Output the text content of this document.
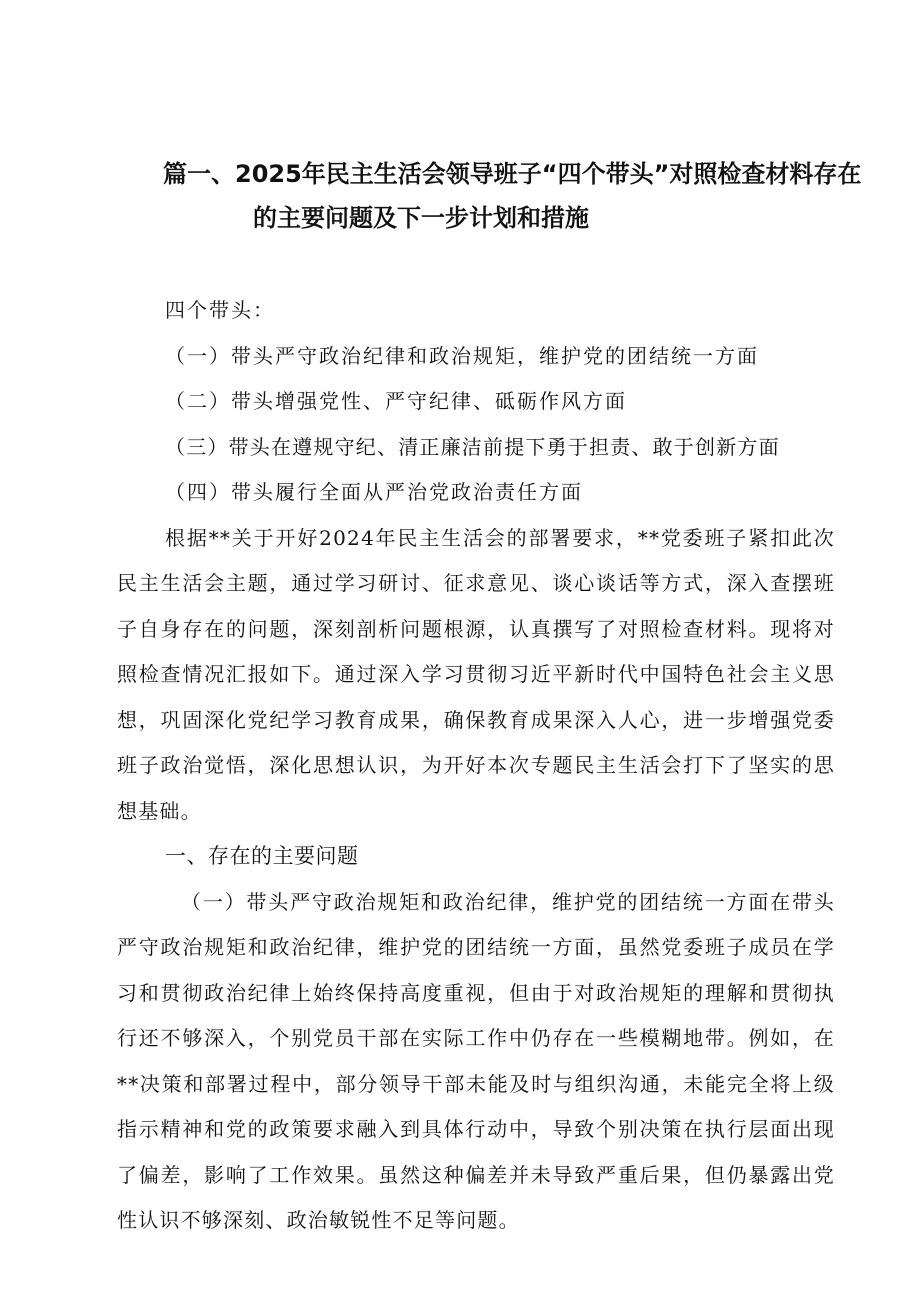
篇一、2025年民主生活会领导班子“四个带头”对照检查材料存在
的主要问题及下一步计划和措施

四个带头：

（一）带头严守政治纪律和政治规矩，维护党的团结统一方面

（二）带头增强党性、严守纪律、砥砺作风方面

（三）带头在遵规守纪、清正廉洁前提下勇于担责、敢于创新方面

（四）带头履行全面从严治党政治责任方面

根据**关于开好2024年民主生活会的部署要求，**党委班子紧扣此次民主生活会主题，通过学习研讨、征求意见、谈心谈话等方式，深入查摆班子自身存在的问题，深刻剖析问题根源，认真撰写了对照检查材料。现将对照检查情况汇报如下。通过深入学习贯彻习近平新时代中国特色社会主义思想，巩固深化党纪学习教育成果，确保教育成果深入人心，进一步增强党委班子政治觉悟，深化思想认识，为开好本次专题民主生活会打下了坚实的思想基础。

一、存在的主要问题

（一）带头严守政治规矩和政治纪律，维护党的团结统一方面在带头严守政治规矩和政治纪律，维护党的团结统一方面，虽然党委班子成员在学习和贯彻政治纪律上始终保持高度重视，但由于对政治规矩的理解和贯彻执行还不够深入，个别党员干部在实际工作中仍存在一些模糊地带。例如，在**决策和部署过程中，部分领导干部未能及时与组织沟通，未能完全将上级指示精神和党的政策要求融入到具体行动中，导致个别决策在执行层面出现了偏差，影响了工作效果。虽然这种偏差并未导致严重后果，但仍暴露出党性认识不够深刻、政治敏锐性不足等问题。
